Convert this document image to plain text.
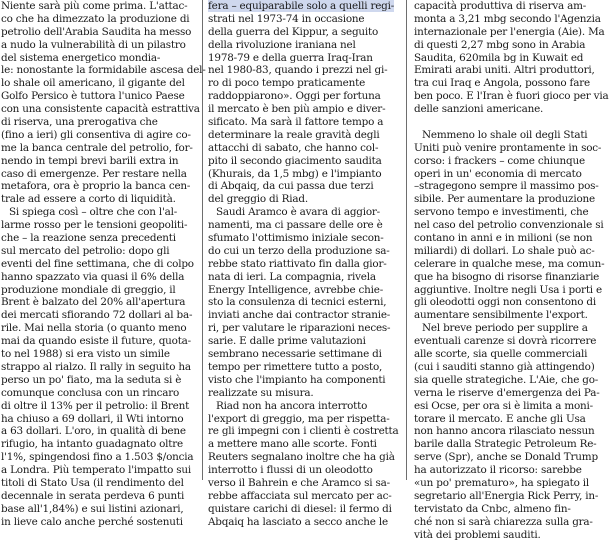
Niente sarà più come prima. L'attac-
co che ha dimezzato la produzione di
petrolio dell'Arabia Saudita ha messo
a nudo la vulnerabilità di un pilastro
del sistema energetico mondia-
le: nonostante la formidabile ascesa del-
lo shale oil americano, il gigante del
Golfo Persico è tuttora l'unico Paese
con una consistente capacità estrattiva
di riserva, una prerogativa che
(fino a ieri) gli consentiva di agire co-
me la banca centrale del petrolio, for-
nendo in tempi brevi barili extra in
caso di emergenze. Per restare nella
metafora, ora è proprio la banca cen-
trale ad essere a corto di liquidità.
Si spiega così – oltre che con l'al-
larme rosso per le tensioni geopoliti-
che – la reazione senza precedenti
sul mercato del petrolio: dopo gli
eventi del fine settimana, che di colpo
hanno spazzato via quasi il 6% della
produzione mondiale di greggio, il
Brent è balzato del 20% all'apertura
dei mercati sfiorando 72 dollari al ba-
rile. Mai nella storia (o quanto meno
mai da quando esiste il future, quota-
to nel 1988) si era visto un simile
strappo al rialzo. Il rally in seguito ha
perso un po' fiato, ma la seduta si è
comunque conclusa con un rincaro
di oltre il 13% per il petrolio: il Brent
ha chiuso a 69 dollari, il Wti intorno
a 63 dollari. L'oro, in qualità di bene
rifugio, ha intanto guadagnato oltre
l'1%, spingendosi fino a 1.503 $/oncia
a Londra. Più temperato l'impatto sui
titoli di Stato Usa (il rendimento del
decennale in serata perdeva 6 punti
base all'1,84%) e sui listini azionari,
in lieve calo anche perché sostenuti
fera – equiparabile solo a quelli regi-
strati nel 1973-74 in occasione
della guerra del Kippur, a seguito
della rivoluzione iraniana nel
1978-79 e della guerra Iraq-Iran
nel 1980-83, quando i prezzi nel gi-
ro di poco tempo praticamente
raddoppiarono». Oggi per fortuna
il mercato è ben più ampio e diver-
sificato. Ma sarà il fattore tempo a
determinare la reale gravità degli
attacchi di sabato, che hanno col-
pito il secondo giacimento saudita
(Khurais, da 1,5 mbg) e l'impianto
di Abqaiq, da cui passa due terzi
del greggio di Riad.
Saudi Aramco è avara di aggior-
namenti, ma ci passare delle ore è
sfumato l'ottimismo iniziale secon-
do cui un terzo della produzione sa-
rebbe stato riattivato fin dalla gior-
nata di ieri. La compagnia, rivela
Energy Intelligence, avrebbe chie-
sto la consulenza di tecnici esterni,
inviati anche dai contractor stranie-
ri, per valutare le riparazioni neces-
sarie. E dalle prime valutazioni
sembrano necessarie settimane di
tempo per rimettere tutto a posto,
visto che l'impianto ha componenti
realizzate su misura.
Riad non ha ancora interrotto
l'export di greggio, ma per rispetta-
re gli impegni con i clienti è costretta
a mettere mano alle scorte. Fonti
Reuters segnalano inoltre che ha già
interrotto i flussi di un oleodotto
verso il Bahrein e che Aramco si sa-
rebbe affacciata sul mercato per ac-
quistare carichi di diesel: il fermo di
Abqaiq ha lasciato a secco anche le
capacità produttiva di riserva am-
monta a 3,21 mbg secondo l'Agenzia
internazionale per l'energia (Aie). Ma
di questi 2,27 mbg sono in Arabia
Saudita, 620mila bg in Kuwait ed
Emirati arabi uniti. Altri produttori,
tra cui Iraq e Angola, possono fare
ben poco. E l'Iran è fuori gioco per via
delle sanzioni americane.
Nemmeno lo shale oil degli Stati
Uniti può venire prontamente in soc-
corso: i frackers – come chiunque
operi in un' economia di mercato
–stragegono sempre il massimo pos-
sibile. Per aumentare la produzione
servono tempo e investimenti, che
nel caso del petrolio convenzionale si
contano in anni e in milioni (se non
miliardi) di dollari. Lo shale può ac-
celerare in qualche mese, ma comun-
que ha bisogno di risorse finanziarie
aggiuntive. Inoltre negli Usa i porti e
gli oleodotti oggi non consentono di
aumentare sensibilmente l'export.
Nel breve periodo per supplire a
eventuali carenze si dovrà ricorrere
alle scorte, sia quelle commerciali
(cui i sauditi stanno già attingendo)
sia quelle strategiche. L'Aie, che go-
verna le riserve d'emergenza dei Pa-
esi Ocse, per ora si è limita a moni-
torare il mercato. E anche gli Usa
non hanno ancora rilasciato nessun
barile dalla Strategic Petroleum Re-
serve (Spr), anche se Donald Trump
ha autorizzato il ricorso: sarebbe
«un po' prematuro», ha spiegato il
segretario all'Energia Rick Perry, in-
tervistato da Cnbc, almeno fin-
ché non si sarà chiarezza sulla gra-
vità dei problemi sauditi.
